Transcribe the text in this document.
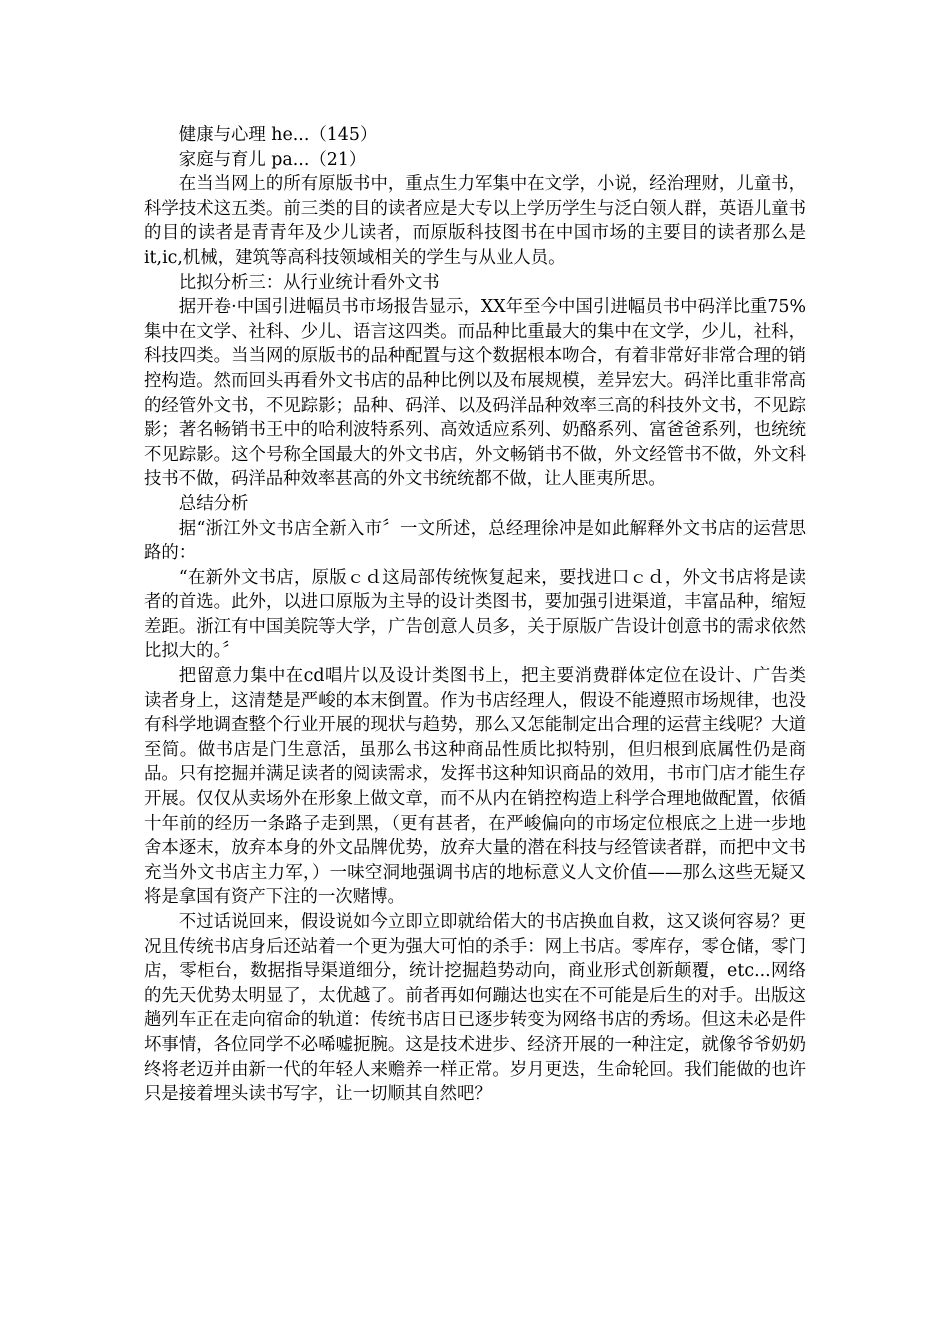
健康与心理 he...（145）

家庭与育儿 pa...（21）

在当当网上的所有原版书中，重点生力军集中在文学，小说，经治理财，儿童书，科学技术这五类。前三类的目的读者应是大专以上学历学生与泛白领人群，英语儿童书的目的读者是青青年及少儿读者，而原版科技图书在中国市场的主要目的读者那么是it,ic,机械，建筑等高科技领域相关的学生与从业人员。

比拟分析三：从行业统计看外文书

据开卷·中国引进幅员书市场报告显示，XX年至今中国引进幅员书中码洋比重75%集中在文学、社科、少儿、语言这四类。而品种比重最大的集中在文学，少儿，社科，科技四类。当当网的原版书的品种配置与这个数据根本吻合，有着非常好非常合理的销控构造。然而回头再看外文书店的品种比例以及布展规模，差异宏大。码洋比重非常高的经管外文书，不见踪影；品种、码洋、以及码洋品种效率三高的科技外文书，不见踪影；著名畅销书王中的哈利波特系列、高效适应系列、奶酪系列、富爸爸系列，也统统不见踪影。这个号称全国最大的外文书店，外文畅销书不做，外文经管书不做，外文科技书不做，码洋品种效率甚高的外文书统统都不做，让人匪夷所思。

总结分析

据“浙江外文书店全新入市〞一文所述，总经理徐冲是如此解释外文书店的运营思路的：

“在新外文书店，原版ｃｄ这局部传统恢复起来，要找进口ｃｄ，外文书店将是读者的首选。此外，以进口原版为主导的设计类图书，要加强引进渠道，丰富品种，缩短差距。浙江有中国美院等大学，广告创意人员多，关于原版广告设计创意书的需求依然比拟大的。〞

把留意力集中在cd唱片以及设计类图书上，把主要消费群体定位在设计、广告类读者身上，这清楚是严峻的本末倒置。作为书店经理人，假设不能遵照市场规律，也没有科学地调查整个行业开展的现状与趋势，那么又怎能制定出合理的运营主线呢？大道至简。做书店是门生意活，虽那么书这种商品性质比拟特别，但归根到底属性仍是商品。只有挖掘并满足读者的阅读需求，发挥书这种知识商品的效用，书市门店才能生存开展。仅仅从卖场外在形象上做文章，而不从内在销控构造上科学合理地做配置，依循十年前的经历一条路子走到黑，（更有甚者，在严峻偏向的市场定位根底之上进一步地舍本逐末，放弃本身的外文品牌优势，放弃大量的潜在科技与经管读者群，而把中文书充当外文书店主力军，）一味空洞地强调书店的地标意义人文价值——那么这些无疑又将是拿国有资产下注的一次赌博。

不过话说回来，假设说如今立即立即就给偌大的书店换血自救，这又谈何容易？更况且传统书店身后还站着一个更为强大可怕的杀手：网上书店。零库存，零仓储，零门店，零柜台，数据指导渠道细分，统计挖掘趋势动向，商业形式创新颠覆，etc...网络的先天优势太明显了，太优越了。前者再如何蹦达也实在不可能是后生的对手。出版这趟列车正在走向宿命的轨道：传统书店日已逐步转变为网络书店的秀场。但这未必是件坏事情，各位同学不必唏嘘扼腕。这是技术进步、经济开展的一种注定，就像爷爷奶奶终将老迈并由新一代的年轻人来赡养一样正常。岁月更迭，生命轮回。我们能做的也许只是接着埋头读书写字，让一切顺其自然吧？
